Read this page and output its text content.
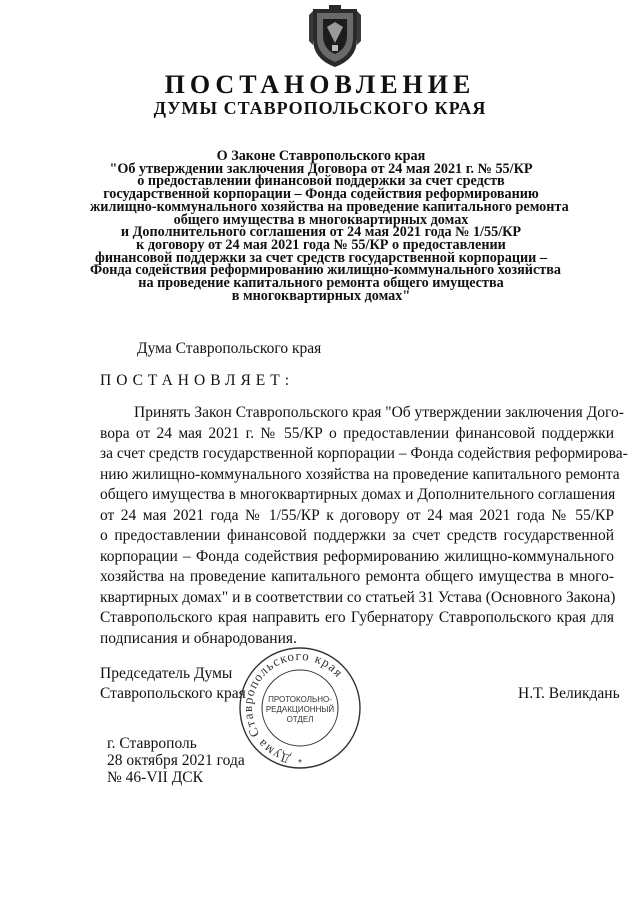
ПОСТАНОВЛЕНИЕ
ДУМЫ СТАВРОПОЛЬСКОГО КРАЯ
О Законе Ставропольского края
"Об утверждении заключения Договора от 24 мая 2021 г. № 55/КР
о предоставлении финансовой поддержки за счет средств
государственной корпорации – Фонда содействия реформированию
жилищно-коммунального хозяйства на проведение капитального ремонта
общего имущества в многоквартирных домах
и Дополнительного соглашения от 24 мая 2021 года № 1/55/КР
к договору от 24 мая 2021 года № 55/КР о предоставлении
финансовой поддержки за счет средств государственной корпорации –
Фонда содействия реформированию жилищно-коммунального хозяйства
на проведение капитального ремонта общего имущества
в многоквартирных домах"
Дума Ставропольского края
ПОСТАНОВЛЯЕТ:
Принять Закон Ставропольского края "Об утверждении заключения Дого-
вора от 24 мая 2021 г. № 55/КР о предоставлении финансовой поддержки
за счет средств государственной корпорации – Фонда содействия реформирова-
нию жилищно-коммунального хозяйства на проведение капитального ремонта
общего имущества в многоквартирных домах и Дополнительного соглашения
от 24 мая 2021 года № 1/55/КР к договору от 24 мая 2021 года № 55/КР
о предоставлении финансовой поддержки за счет средств государственной
корпорации – Фонда содействия реформированию жилищно-коммунального
хозяйства на проведение капитального ремонта общего имущества в много-
квартирных домах" и в соответствии со статьей 31 Устава (Основного Закона)
Ставропольского края направить его Губернатору Ставропольского края для
подписания и обнародования.
Председатель Думы
Ставропольского края	Н.Т. Великдань
Дума Ставропольского края
ПРОТОКОЛЬНО-
РЕДАКЦИОННЫЙ
ОТДЕЛ
*
г. Ставрополь
28 октября 2021 года
№ 46-VII ДСК
